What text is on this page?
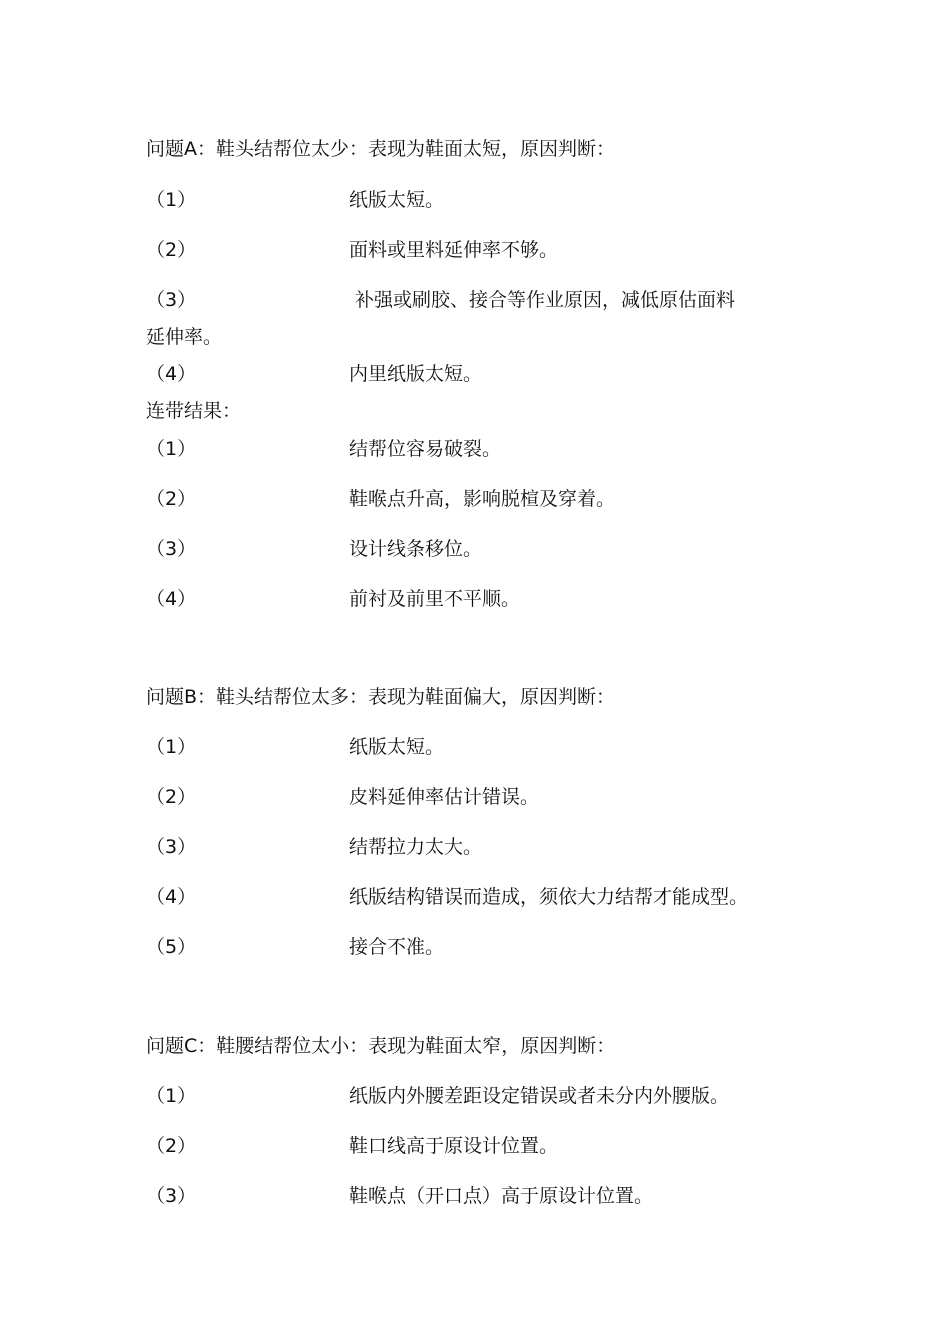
问题A：鞋头结帮位太少：表现为鞋面太短，原因判断：
（1）	纸版太短。
（2）	面料或里料延伸率不够。
（3）	补强或刷胶、接合等作业原因，减低原估面料
延伸率。
（4）	内里纸版太短。
连带结果：
（1）	结帮位容易破裂。
（2）	鞋喉点升高，影响脱楦及穿着。
（3）	设计线条移位。
（4）	前衬及前里不平顺。
问题B：鞋头结帮位太多：表现为鞋面偏大，原因判断：
（1）	纸版太短。
（2）	皮料延伸率估计错误。
（3）	结帮拉力太大。
（4）	纸版结构错误而造成，须依大力结帮才能成型。
（5）	接合不准。
问题C：鞋腰结帮位太小：表现为鞋面太窄，原因判断：
（1）	纸版内外腰差距设定错误或者未分内外腰版。
（2）	鞋口线高于原设计位置。
（3）	鞋喉点（开口点）高于原设计位置。
